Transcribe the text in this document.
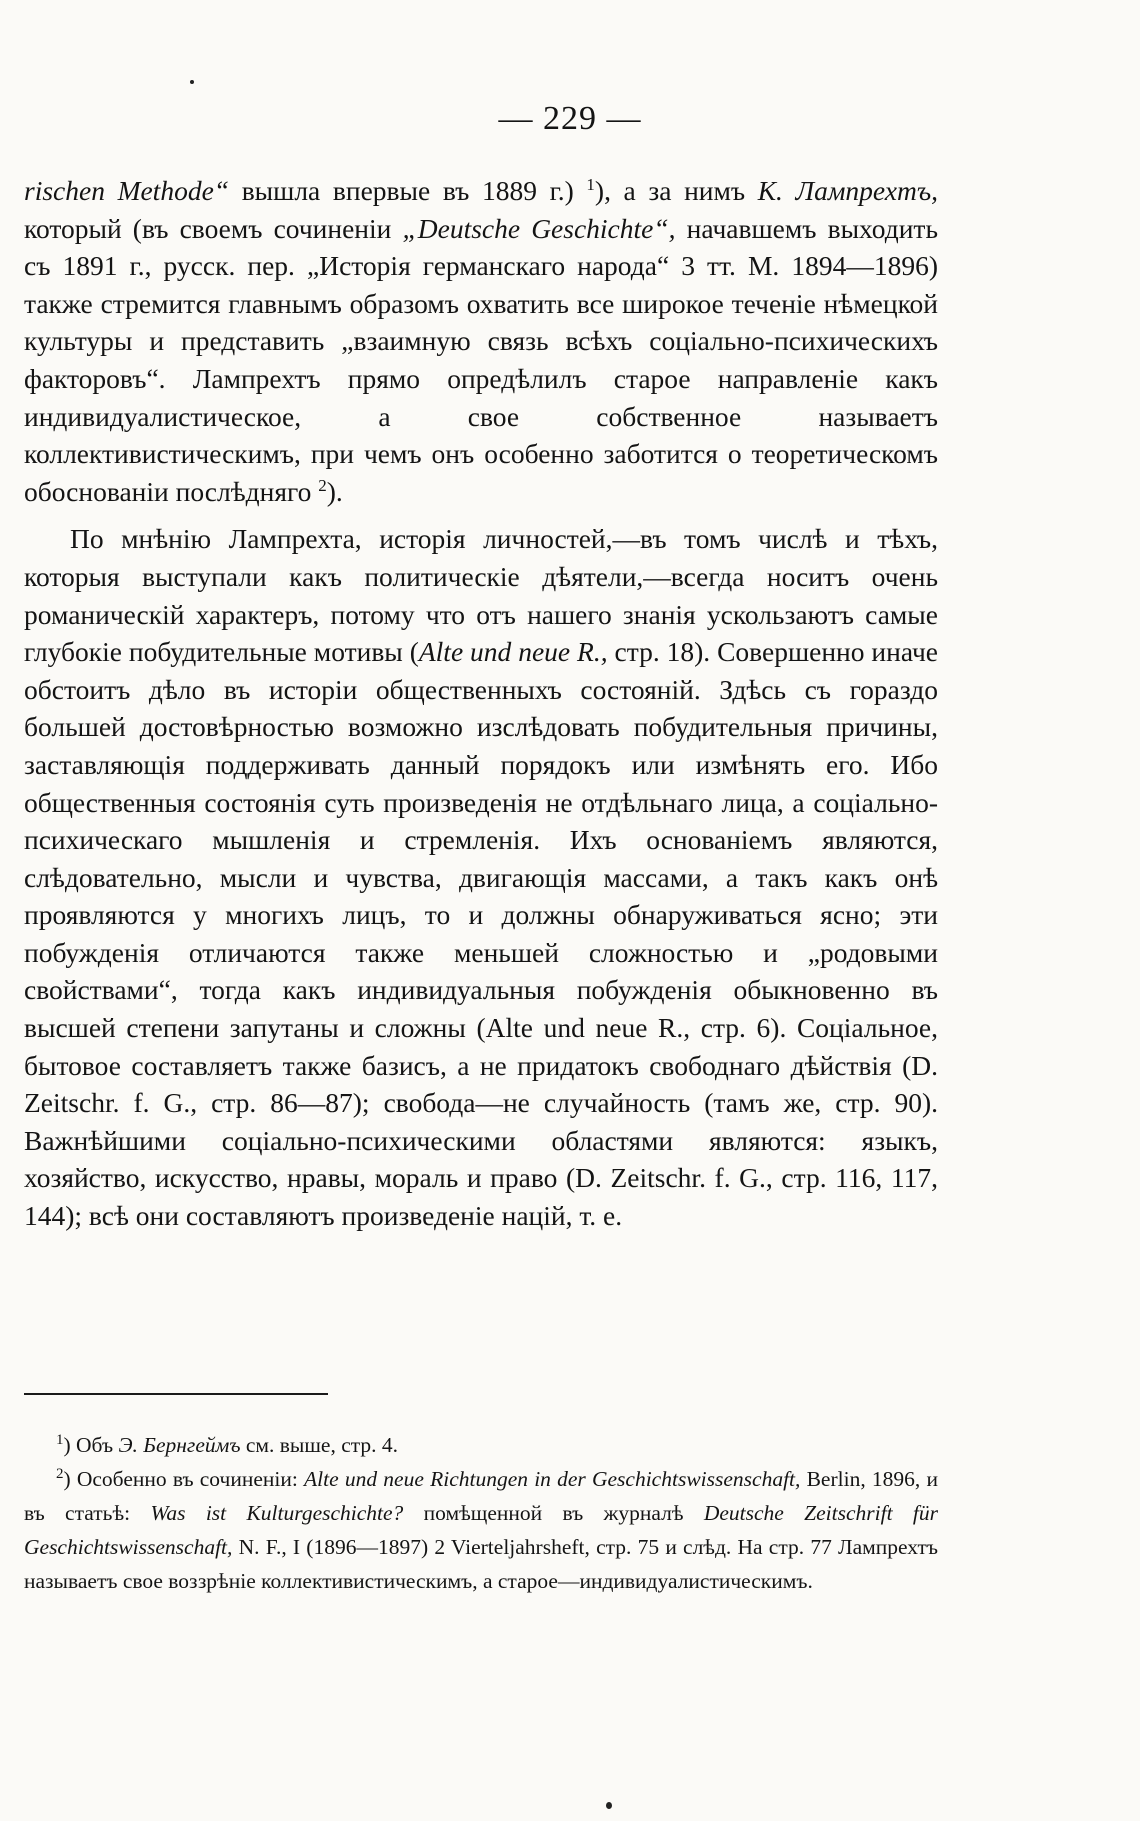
— 229 —

rischen Methode“ вышла впервые въ 1889 г.) $^1$), а за нимъ К. Лампрехтъ, который (въ своемъ сочиненіи „Deutsche Geschichte“, начавшемъ выходить съ 1891 г., русск. пер. „Исторія германскаго народа“ 3 тт. М. 1894—1896) также стремится главнымъ образомъ охватить все широкое теченіе нѣмецкой культуры и представить „взаимную связь всѣхъ соціально-психическихъ факторовъ“. Лампрехтъ прямо опредѣлилъ старое направленіе какъ индивидуалистическое, а свое собственное называетъ коллективистическимъ, при чемъ онъ особенно заботится о теоретическомъ обоснованіи послѣдняго $^2$).

По мнѣнію Лампрехта, исторія личностей,—въ томъ числѣ и тѣхъ, которыя выступали какъ политическіе дѣятели,—всегда носитъ очень романическій характеръ, потому что отъ нашего знанія ускользаютъ самые глубокіе побудительные мотивы (Alte und neue R., стр. 18). Совершенно иначе обстоитъ дѣло въ исторіи общественныхъ состояній. Здѣсь съ гораздо большей достовѣрностью возможно изслѣдовать побудительныя причины, заставляющія поддерживать данный порядокъ или измѣнять его. Ибо общественныя состоянія суть произведенія не отдѣльнаго лица, а соціально-психическаго мышленія и стремленія. Ихъ основаніемъ являются, слѣдовательно, мысли и чувства, двигающія массами, а такъ какъ онѣ проявляются у многихъ лицъ, то и должны обнаруживаться ясно; эти побужденія отличаются также меньшей сложностью и „родовыми свойствами“, тогда какъ индивидуальныя побужденія обыкновенно въ высшей степени запутаны и сложны (Alte und neue R., стр. 6). Соціальное, бытовое составляетъ также базисъ, а не придатокъ свободнаго дѣйствія (D. Zeitschr. f. G., стр. 86—87); свобода—не случайность (тамъ же, стр. 90). Важнѣйшими соціально-психическими областями являются: языкъ, хозяйство, искусство, нравы, мораль и право (D. Zeitschr. f. G., стр. 116, 117, 144); всѣ они составляютъ произведеніе націй, т. е.

$^1$) Объ Э. Бернгеймъ см. выше, стр. 4.

$^2$) Особенно въ сочиненіи: Alte und neue Richtungen in der Geschichtswissenschaft, Berlin, 1896, и въ статьѣ: Was ist Kulturgeschichte? помѣщенной въ журналѣ Deutsche Zeitschrift für Geschichtswissenschaft, N. F., I (1896—1897) 2 Vierteljahrsheft, стр. 75 и слѣд. На стр. 77 Лампрехтъ называетъ свое воззрѣніе коллективистическимъ, а старое—индивидуалистическимъ.
